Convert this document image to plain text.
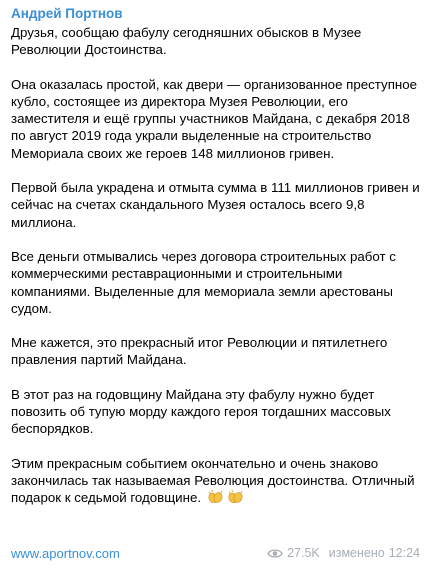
Андрей Портнов

Друзья, сообщаю фабулу сегодняшних обысков в Музее Революции Достоинства.

Она оказалась простой, как двери — организованное преступное кубло, состоящее из директора Музея Революции, его заместителя и ещё группы участников Майдана, с декабря 2018 по август 2019 года украли выделенные на строительство Мемориала своих же героев 148 миллионов гривен.

Первой была украдена и отмыта сумма в 111 миллионов гривен и сейчас на счетах скандального Музея осталось всего 9,8 миллиона.

Все деньги отмывались через договора строительных работ с коммерческими реставрационными и строительными компаниями. Выделенные для мемориала земли арестованы судом.

Мне кажется, это прекрасный итог Революции и пятилетнего правления партий Майдана.

В этот раз на годовщину Майдана эту фабулу нужно будет повозить об тупую морду каждого героя тогдашних массовых беспорядков.

Этим прекрасным событием окончательно и очень знаково закончилась так называемая Революция достоинства. Отличный подарок к седьмой годовщине.

www.aportnov.com	27.5K изменено 12:24
